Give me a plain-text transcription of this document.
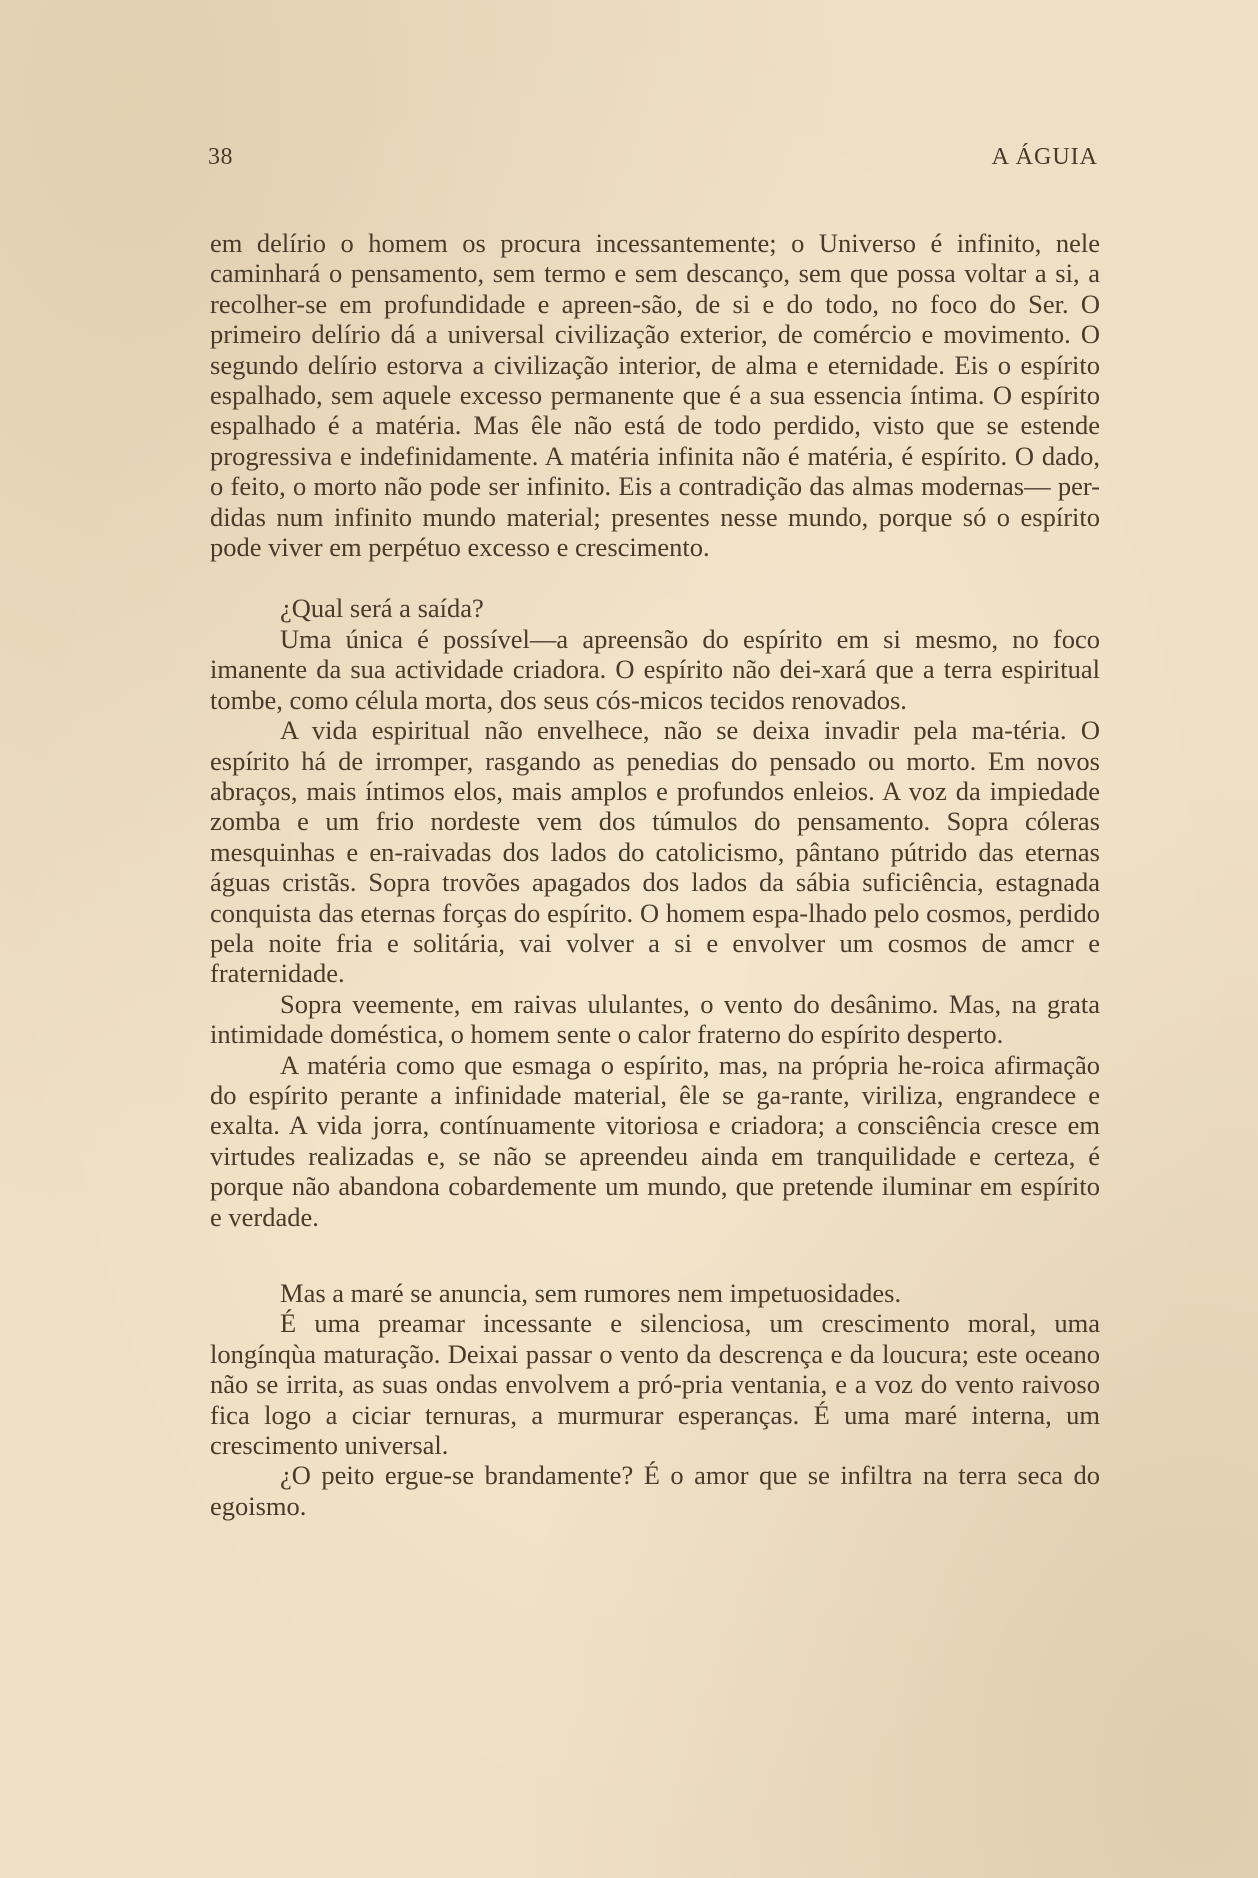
38	A ÁGUIA

em delírio o homem os procura incessantemente; o Universo é infinito, nele caminhará o pensamento, sem termo e sem descanço, sem que possa voltar a si, a recolher-se em profundidade e apreen-são, de si e do todo, no foco do Ser. O primeiro delírio dá a universal civilização exterior, de comércio e movimento. O segundo delírio estorva a civilização interior, de alma e eternidade. Eis o espírito espalhado, sem aquele excesso permanente que é a sua essencia íntima. O espírito espalhado é a matéria. Mas êle não está de todo perdido, visto que se estende progressiva e indefinidamente. A matéria infinita não é matéria, é espírito. O dado, o feito, o morto não pode ser infinito. Eis a contradição das almas modernas— per-didas num infinito mundo material; presentes nesse mundo, porque só o espírito pode viver em perpétuo excesso e crescimento.

¿Qual será a saída?

Uma única é possível—a apreensão do espírito em si mesmo, no foco imanente da sua actividade criadora. O espírito não dei-xará que a terra espiritual tombe, como célula morta, dos seus cós-micos tecidos renovados.

A vida espiritual não envelhece, não se deixa invadir pela ma-téria. O espírito há de irromper, rasgando as penedias do pensado ou morto. Em novos abraços, mais íntimos elos, mais amplos e profundos enleios. A voz da impiedade zomba e um frio nordeste vem dos túmulos do pensamento. Sopra cóleras mesquinhas e en-raivadas dos lados do catolicismo, pântano pútrido das eternas águas cristãs. Sopra trovões apagados dos lados da sábia suficiência, estagnada conquista das eternas forças do espírito. O homem espa-lhado pelo cosmos, perdido pela noite fria e solitária, vai volver a si e envolver um cosmos de amcr e fraternidade.

Sopra veemente, em raivas ululantes, o vento do desânimo. Mas, na grata intimidade doméstica, o homem sente o calor fraterno do espírito desperto.

A matéria como que esmaga o espírito, mas, na própria he-roica afirmação do espírito perante a infinidade material, êle se ga-rante, viriliza, engrandece e exalta. A vida jorra, contínuamente vitoriosa e criadora; a consciência cresce em virtudes realizadas e, se não se apreendeu ainda em tranquilidade e certeza, é porque não abandona cobardemente um mundo, que pretende iluminar em espírito e verdade.

Mas a maré se anuncia, sem rumores nem impetuosidades.

É uma preamar incessante e silenciosa, um crescimento moral, uma longínqùa maturação. Deixai passar o vento da descrença e da loucura; este oceano não se irrita, as suas ondas envolvem a pró-pria ventania, e a voz do vento raivoso fica logo a ciciar ternuras, a murmurar esperanças. É uma maré interna, um crescimento universal.

¿O peito ergue-se brandamente? É o amor que se infiltra na terra seca do egoismo.
